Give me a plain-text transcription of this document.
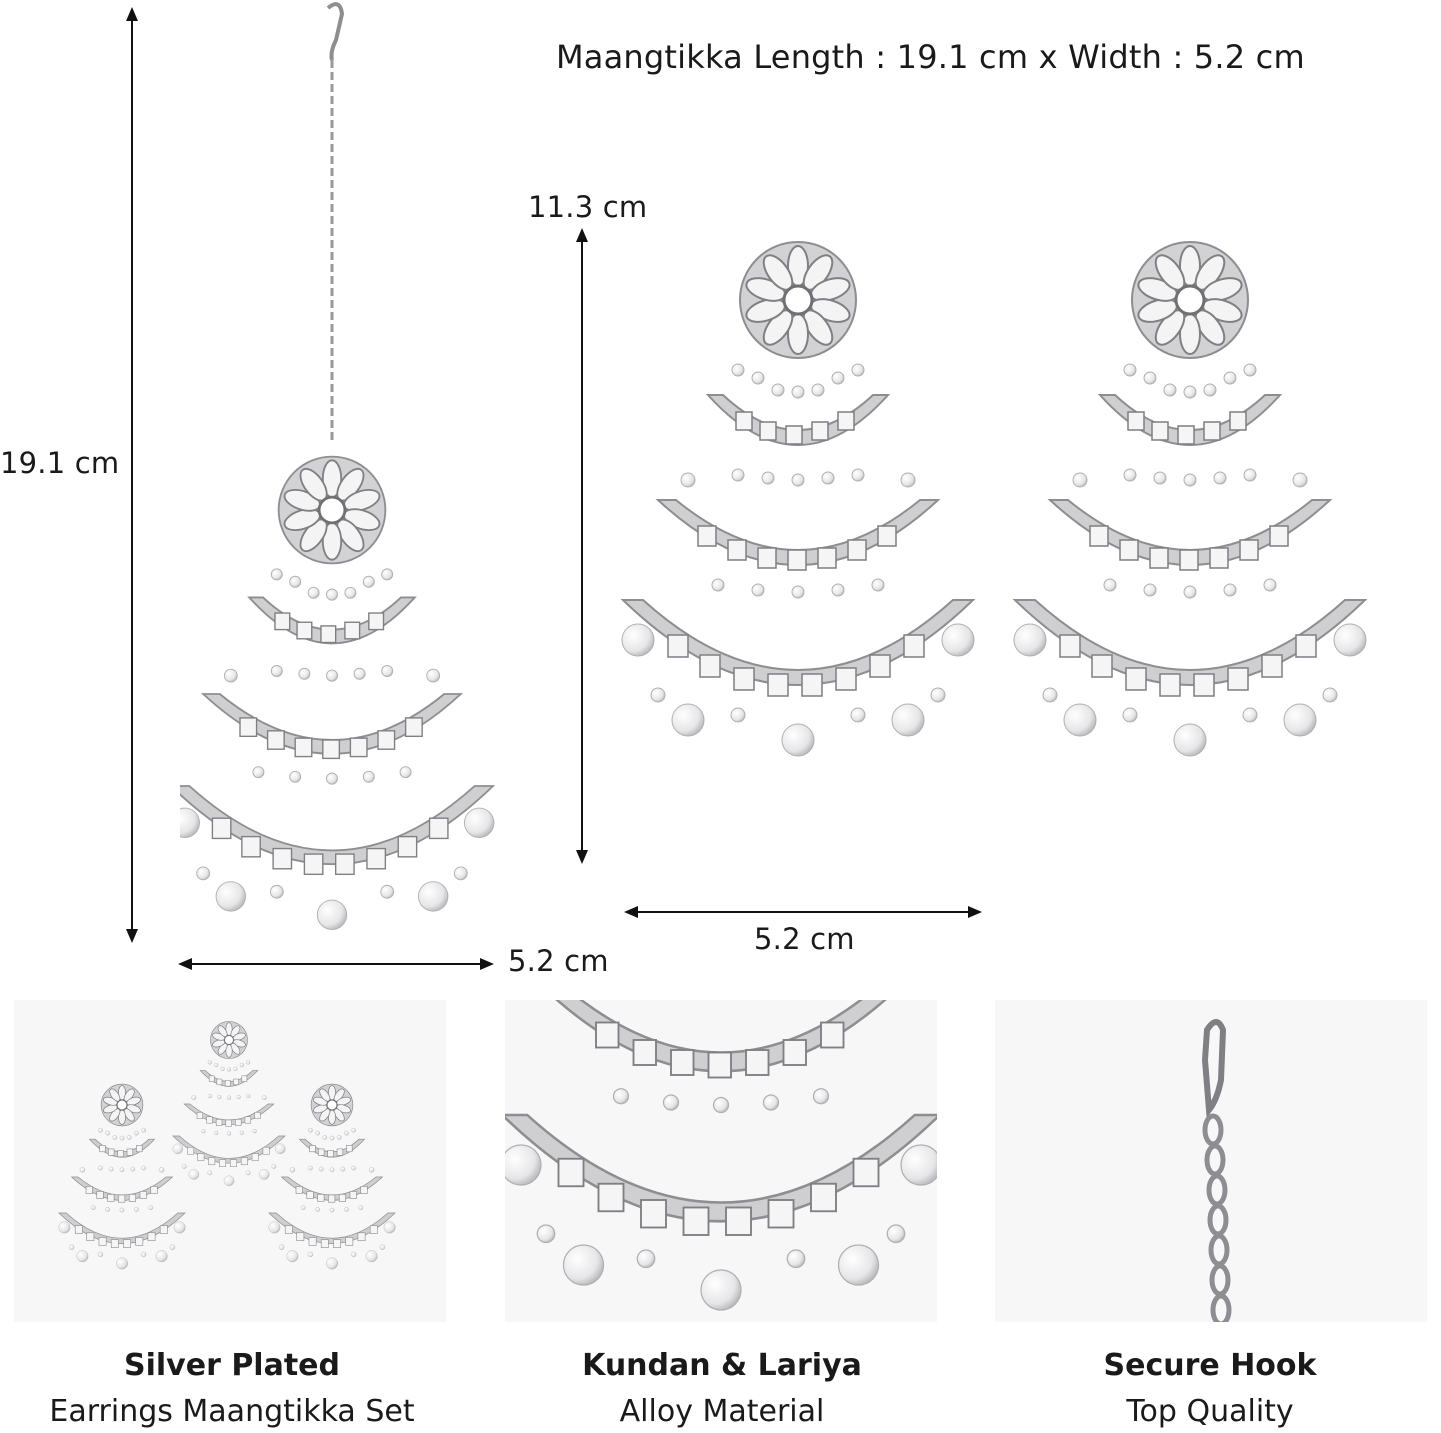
Maangtikka Length : 19.1 cm x Width : 5.2 cm
19.1 cm
5.2 cm
11.3 cm
5.2 cm
Silver Plated
Earrings Maangtikka Set
Kundan & Lariya
Alloy Material
Secure Hook
Top Quality
